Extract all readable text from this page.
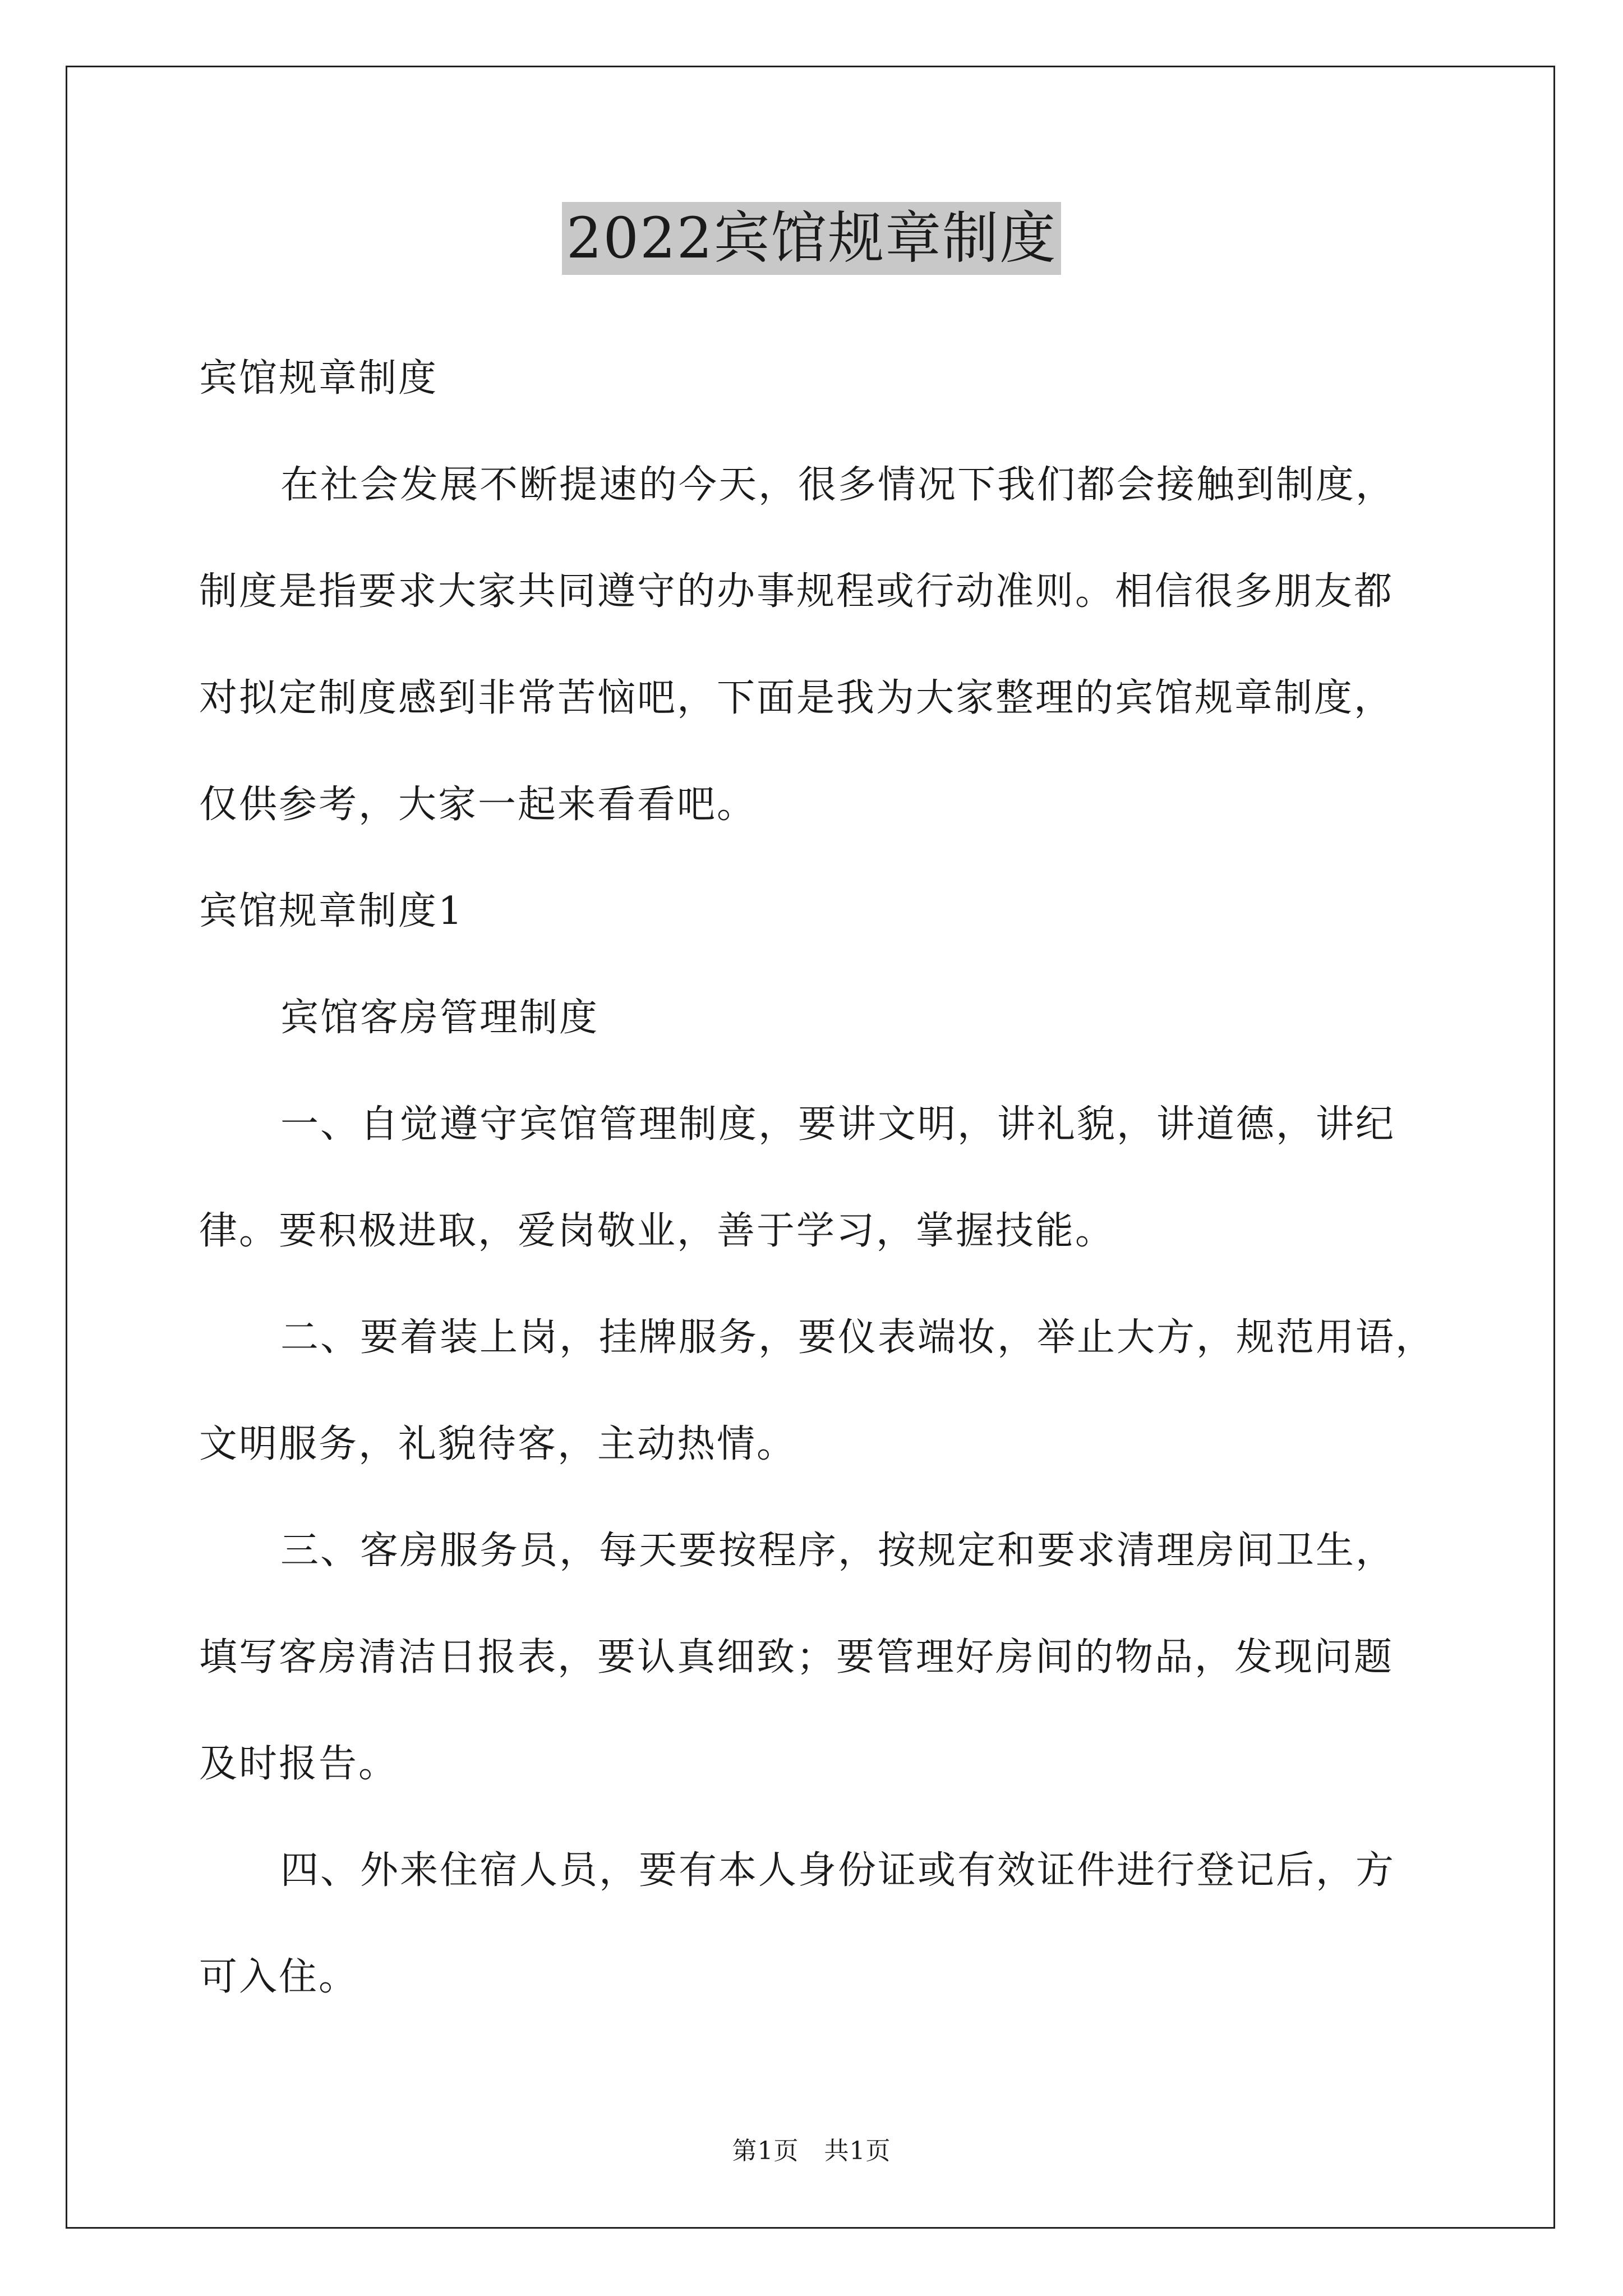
2022宾馆规章制度
宾馆规章制度
在社会发展不断提速的今天，很多情况下我们都会接触到制度，
制度是指要求大家共同遵守的办事规程或行动准则。相信很多朋友都
对拟定制度感到非常苦恼吧，下面是我为大家整理的宾馆规章制度，
仅供参考，大家一起来看看吧。
宾馆规章制度1
宾馆客房管理制度
一、自觉遵守宾馆管理制度，要讲文明，讲礼貌，讲道德，讲纪
律。要积极进取，爱岗敬业，善于学习，掌握技能。
二、要着装上岗，挂牌服务，要仪表端妆，举止大方，规范用语，
文明服务，礼貌待客，主动热情。
三、客房服务员，每天要按程序，按规定和要求清理房间卫生，
填写客房清洁日报表，要认真细致；要管理好房间的物品，发现问题
及时报告。
四、外来住宿人员，要有本人身份证或有效证件进行登记后，方
可入住。
第1页　共1页
